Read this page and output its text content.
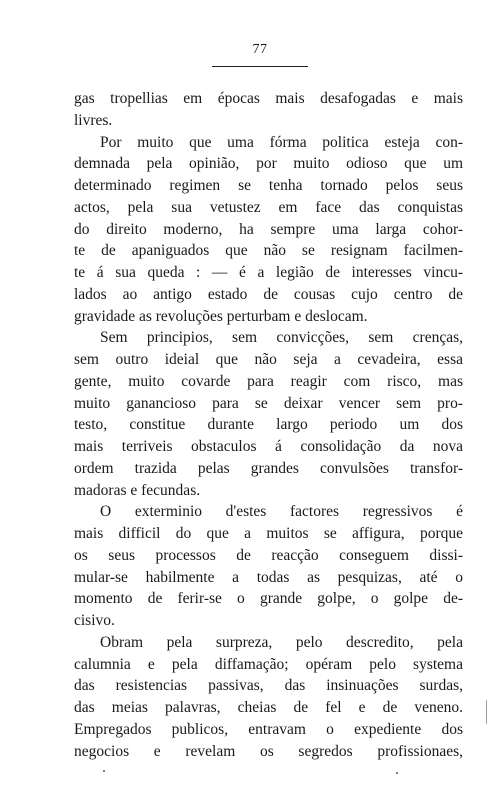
77
gas tropellias em épocas mais desafogadas e mais
livres.
Por muito que uma fórma politica esteja con-
demnada pela opinião, por muito odioso que um
determinado regimen se tenha tornado pelos seus
actos, pela sua vetustez em face das conquistas
do direito moderno, ha sempre uma larga cohor-
te de apaniguados que não se resignam facilmen-
te á sua queda : — é a legião de interesses vincu-
lados ao antigo estado de cousas cujo centro de
gravidade as revoluções perturbam e deslocam.
Sem principios, sem convicções, sem crenças,
sem outro ideial que não seja a cevadeira, essa
gente, muito covarde para reagir com risco, mas
muito ganancioso para se deixar vencer sem pro-
testo, constitue durante largo periodo um dos
mais terriveis obstaculos á consolidação da nova
ordem trazida pelas grandes convulsões transfor-
madoras e fecundas.
O exterminio d'estes factores regressivos é
mais difficil do que a muitos se affigura, porque
os seus processos de reacção conseguem dissi-
mular-se habilmente a todas as pesquizas, até o
momento de ferir-se o grande golpe, o golpe de-
cisivo.
Obram pela surpreza, pelo descredito, pela
calumnia e pela diffamação; opéram pelo systema
das resistencias passivas, das insinuações surdas,
das meias palavras, cheias de fel e de veneno.
Empregados publicos, entravam o expediente dos
negocios e revelam os segredos profissionaes,
